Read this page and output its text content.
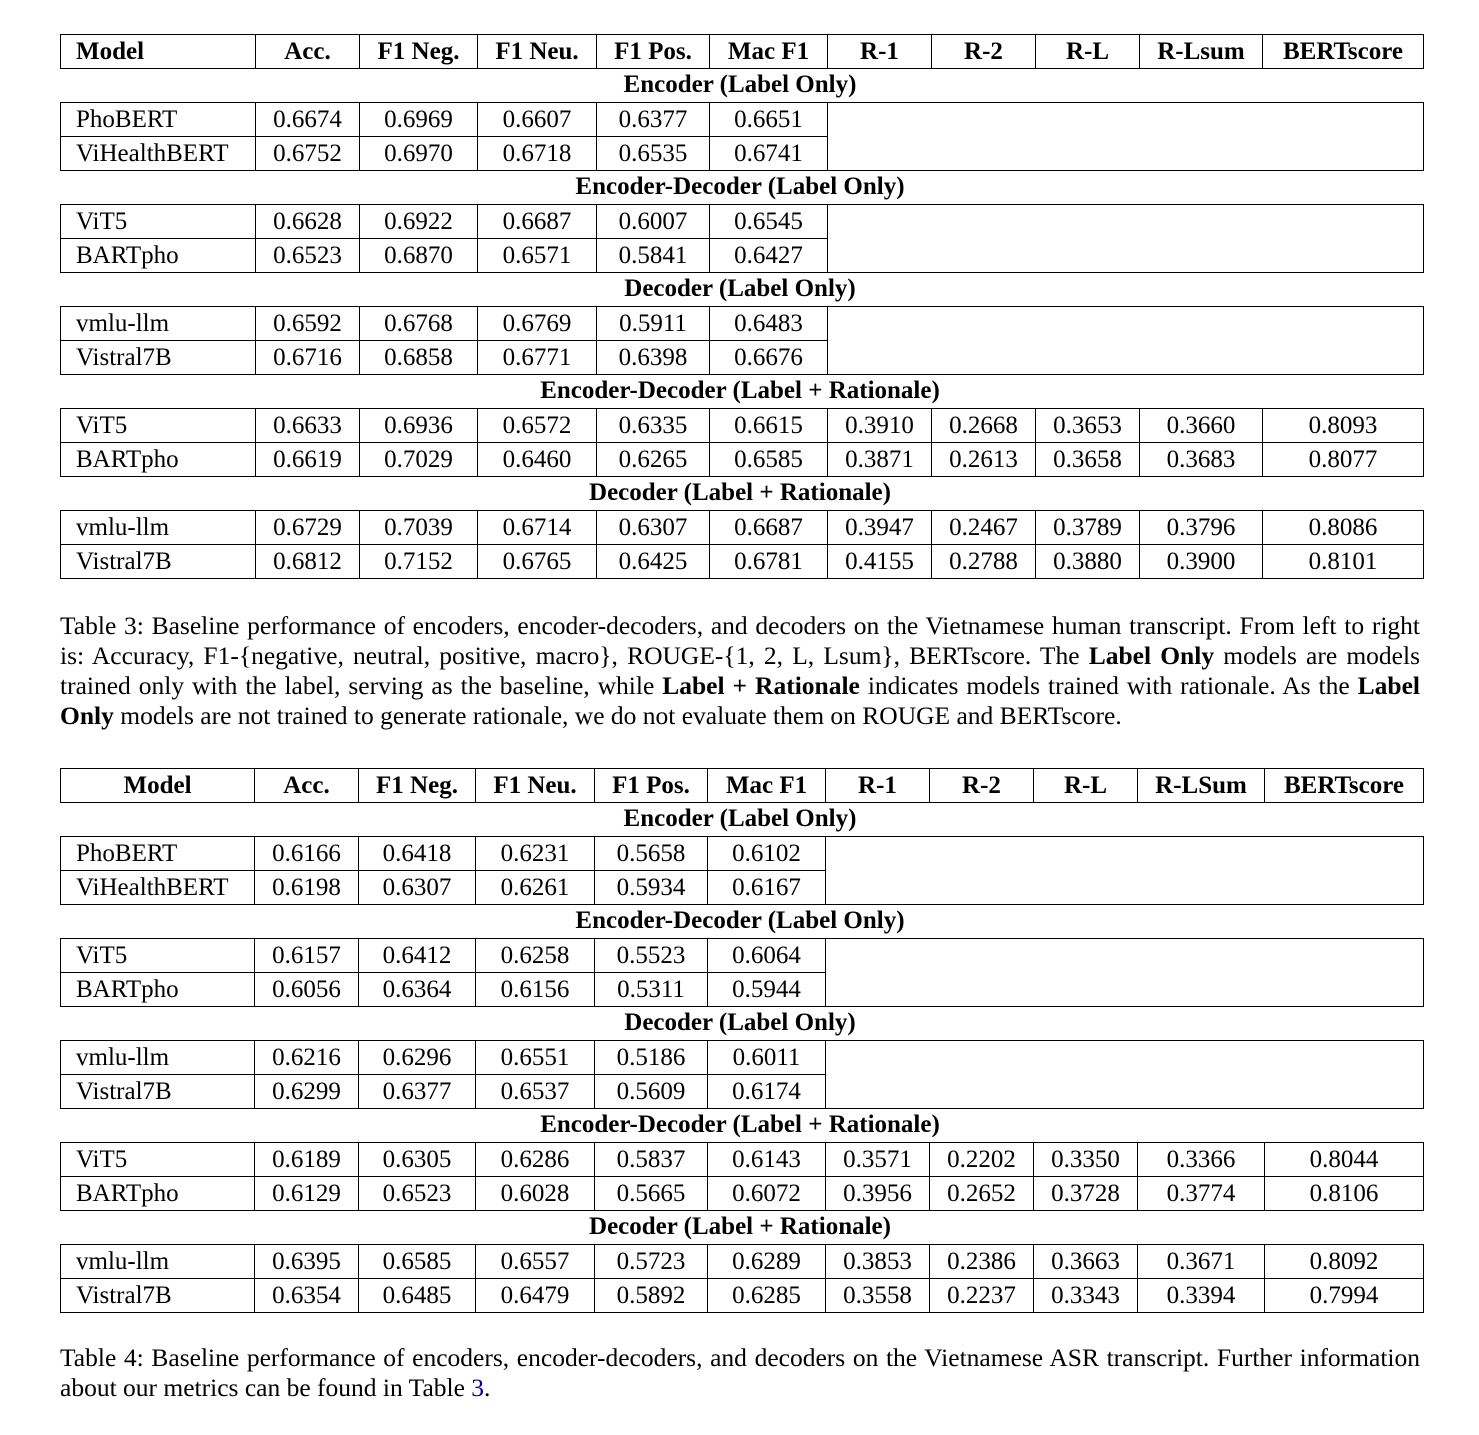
Model	Acc.	F1 Neg.	F1 Neu.	F1 Pos.	Mac F1	R-1	R-2	R-L	R-Lsum	BERTscore
Encoder (Label Only)
PhoBERT	0.6674	0.6969	0.6607	0.6377	0.6651
ViHealthBERT	0.6752	0.6970	0.6718	0.6535	0.6741
Encoder-Decoder (Label Only)
ViT5	0.6628	0.6922	0.6687	0.6007	0.6545
BARTpho	0.6523	0.6870	0.6571	0.5841	0.6427
Decoder (Label Only)
vmlu-llm	0.6592	0.6768	0.6769	0.5911	0.6483
Vistral7B	0.6716	0.6858	0.6771	0.6398	0.6676
Encoder-Decoder (Label + Rationale)
ViT5	0.6633	0.6936	0.6572	0.6335	0.6615	0.3910	0.2668	0.3653	0.3660	0.8093
BARTpho	0.6619	0.7029	0.6460	0.6265	0.6585	0.3871	0.2613	0.3658	0.3683	0.8077
Decoder (Label + Rationale)
vmlu-llm	0.6729	0.7039	0.6714	0.6307	0.6687	0.3947	0.2467	0.3789	0.3796	0.8086
Vistral7B	0.6812	0.7152	0.6765	0.6425	0.6781	0.4155	0.2788	0.3880	0.3900	0.8101
Table 3: Baseline performance of encoders, encoder-decoders, and decoders on the Vietnamese human transcript. From left to right is: Accuracy, F1-{negative, neutral, positive, macro}, ROUGE-{1, 2, L, Lsum}, BERTscore. The Label Only models are models trained only with the label, serving as the baseline, while Label + Rationale indicates models trained with rationale. As the Label Only models are not trained to generate rationale, we do not evaluate them on ROUGE and BERTscore.
Model	Acc.	F1 Neg.	F1 Neu.	F1 Pos.	Mac F1	R-1	R-2	R-L	R-LSum	BERTscore
Encoder (Label Only)
PhoBERT	0.6166	0.6418	0.6231	0.5658	0.6102
ViHealthBERT	0.6198	0.6307	0.6261	0.5934	0.6167
Encoder-Decoder (Label Only)
ViT5	0.6157	0.6412	0.6258	0.5523	0.6064
BARTpho	0.6056	0.6364	0.6156	0.5311	0.5944
Decoder (Label Only)
vmlu-llm	0.6216	0.6296	0.6551	0.5186	0.6011
Vistral7B	0.6299	0.6377	0.6537	0.5609	0.6174
Encoder-Decoder (Label + Rationale)
ViT5	0.6189	0.6305	0.6286	0.5837	0.6143	0.3571	0.2202	0.3350	0.3366	0.8044
BARTpho	0.6129	0.6523	0.6028	0.5665	0.6072	0.3956	0.2652	0.3728	0.3774	0.8106
Decoder (Label + Rationale)
vmlu-llm	0.6395	0.6585	0.6557	0.5723	0.6289	0.3853	0.2386	0.3663	0.3671	0.8092
Vistral7B	0.6354	0.6485	0.6479	0.5892	0.6285	0.3558	0.2237	0.3343	0.3394	0.7994
Table 4: Baseline performance of encoders, encoder-decoders, and decoders on the Vietnamese ASR transcript. Further information about our metrics can be found in Table 3.
